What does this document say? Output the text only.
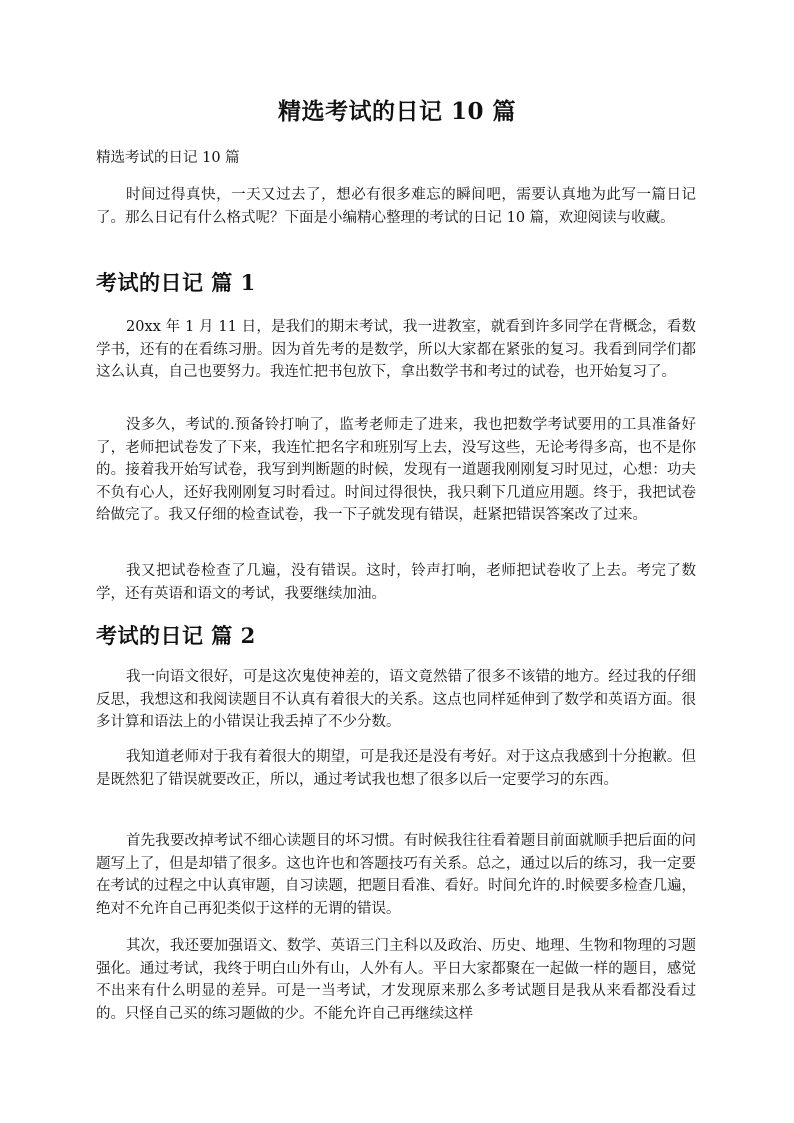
精选考试的日记 10 篇
精选考试的日记 10 篇

时间过得真快，一天又过去了，想必有很多难忘的瞬间吧，需要认真地为此写一篇日记了。那么日记有什么格式呢？下面是小编精心整理的考试的日记 10 篇，欢迎阅读与收藏。

考试的日记 篇 1

20xx 年 1 月 11 日，是我们的期末考试，我一进教室，就看到许多同学在背概念，看数学书，还有的在看练习册。因为首先考的是数学，所以大家都在紧张的复习。我看到同学们都这么认真，自己也要努力。我连忙把书包放下，拿出数学书和考过的试卷，也开始复习了。

没多久，考试的.预备铃打响了，监考老师走了进来，我也把数学考试要用的工具准备好了，老师把试卷发了下来，我连忙把名字和班别写上去，没写这些，无论考得多高，也不是你的。接着我开始写试卷，我写到判断题的时候，发现有一道题我刚刚复习时见过，心想：功夫不负有心人，还好我刚刚复习时看过。时间过得很快，我只剩下几道应用题。终于，我把试卷给做完了。我又仔细的检查试卷，我一下子就发现有错误，赶紧把错误答案改了过来。

我又把试卷检查了几遍，没有错误。这时，铃声打响，老师把试卷收了上去。考完了数学，还有英语和语文的考试，我要继续加油。

考试的日记 篇 2

我一向语文很好，可是这次鬼使神差的，语文竟然错了很多不该错的地方。经过我的仔细反思，我想这和我阅读题目不认真有着很大的关系。这点也同样延伸到了数学和英语方面。很多计算和语法上的小错误让我丢掉了不少分数。

我知道老师对于我有着很大的期望，可是我还是没有考好。对于这点我感到十分抱歉。但是既然犯了错误就要改正，所以，通过考试我也想了很多以后一定要学习的东西。

首先我要改掉考试不细心读题目的坏习惯。有时候我往往看着题目前面就顺手把后面的问题写上了，但是却错了很多。这也许也和答题技巧有关系。总之，通过以后的练习，我一定要在考试的过程之中认真审题，自习读题，把题目看准、看好。时间允许的.时候要多检查几遍，绝对不允许自己再犯类似于这样的无谓的错误。

其次，我还要加强语文、数学、英语三门主科以及政治、历史、地理、生物和物理的习题强化。通过考试，我终于明白山外有山，人外有人。平日大家都聚在一起做一样的题目，感觉不出来有什么明显的差异。可是一当考试，才发现原来那么多考试题目是我从来看都没看过的。只怪自己买的练习题做的少。不能允许自己再继续这样
